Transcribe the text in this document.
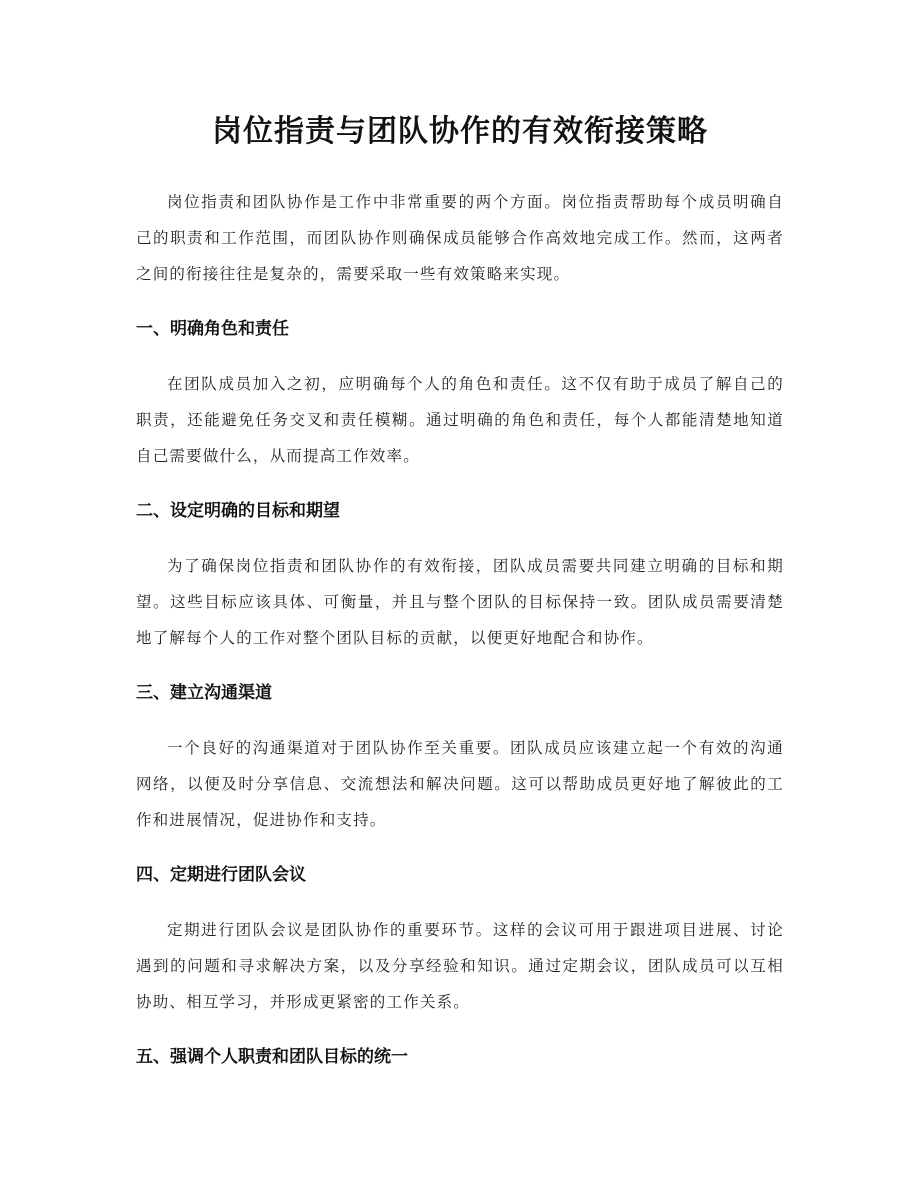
岗位指责与团队协作的有效衔接策略

岗位指责和团队协作是工作中非常重要的两个方面。岗位指责帮助每个成员明确自己的职责和工作范围，而团队协作则确保成员能够合作高效地完成工作。然而，这两者之间的衔接往往是复杂的，需要采取一些有效策略来实现。

一、明确角色和责任

在团队成员加入之初，应明确每个人的角色和责任。这不仅有助于成员了解自己的职责，还能避免任务交叉和责任模糊。通过明确的角色和责任，每个人都能清楚地知道自己需要做什么，从而提高工作效率。

二、设定明确的目标和期望

为了确保岗位指责和团队协作的有效衔接，团队成员需要共同建立明确的目标和期望。这些目标应该具体、可衡量，并且与整个团队的目标保持一致。团队成员需要清楚地了解每个人的工作对整个团队目标的贡献，以便更好地配合和协作。

三、建立沟通渠道

一个良好的沟通渠道对于团队协作至关重要。团队成员应该建立起一个有效的沟通网络，以便及时分享信息、交流想法和解决问题。这可以帮助成员更好地了解彼此的工作和进展情况，促进协作和支持。

四、定期进行团队会议

定期进行团队会议是团队协作的重要环节。这样的会议可用于跟进项目进展、讨论遇到的问题和寻求解决方案，以及分享经验和知识。通过定期会议，团队成员可以互相协助、相互学习，并形成更紧密的工作关系。

五、强调个人职责和团队目标的统一
